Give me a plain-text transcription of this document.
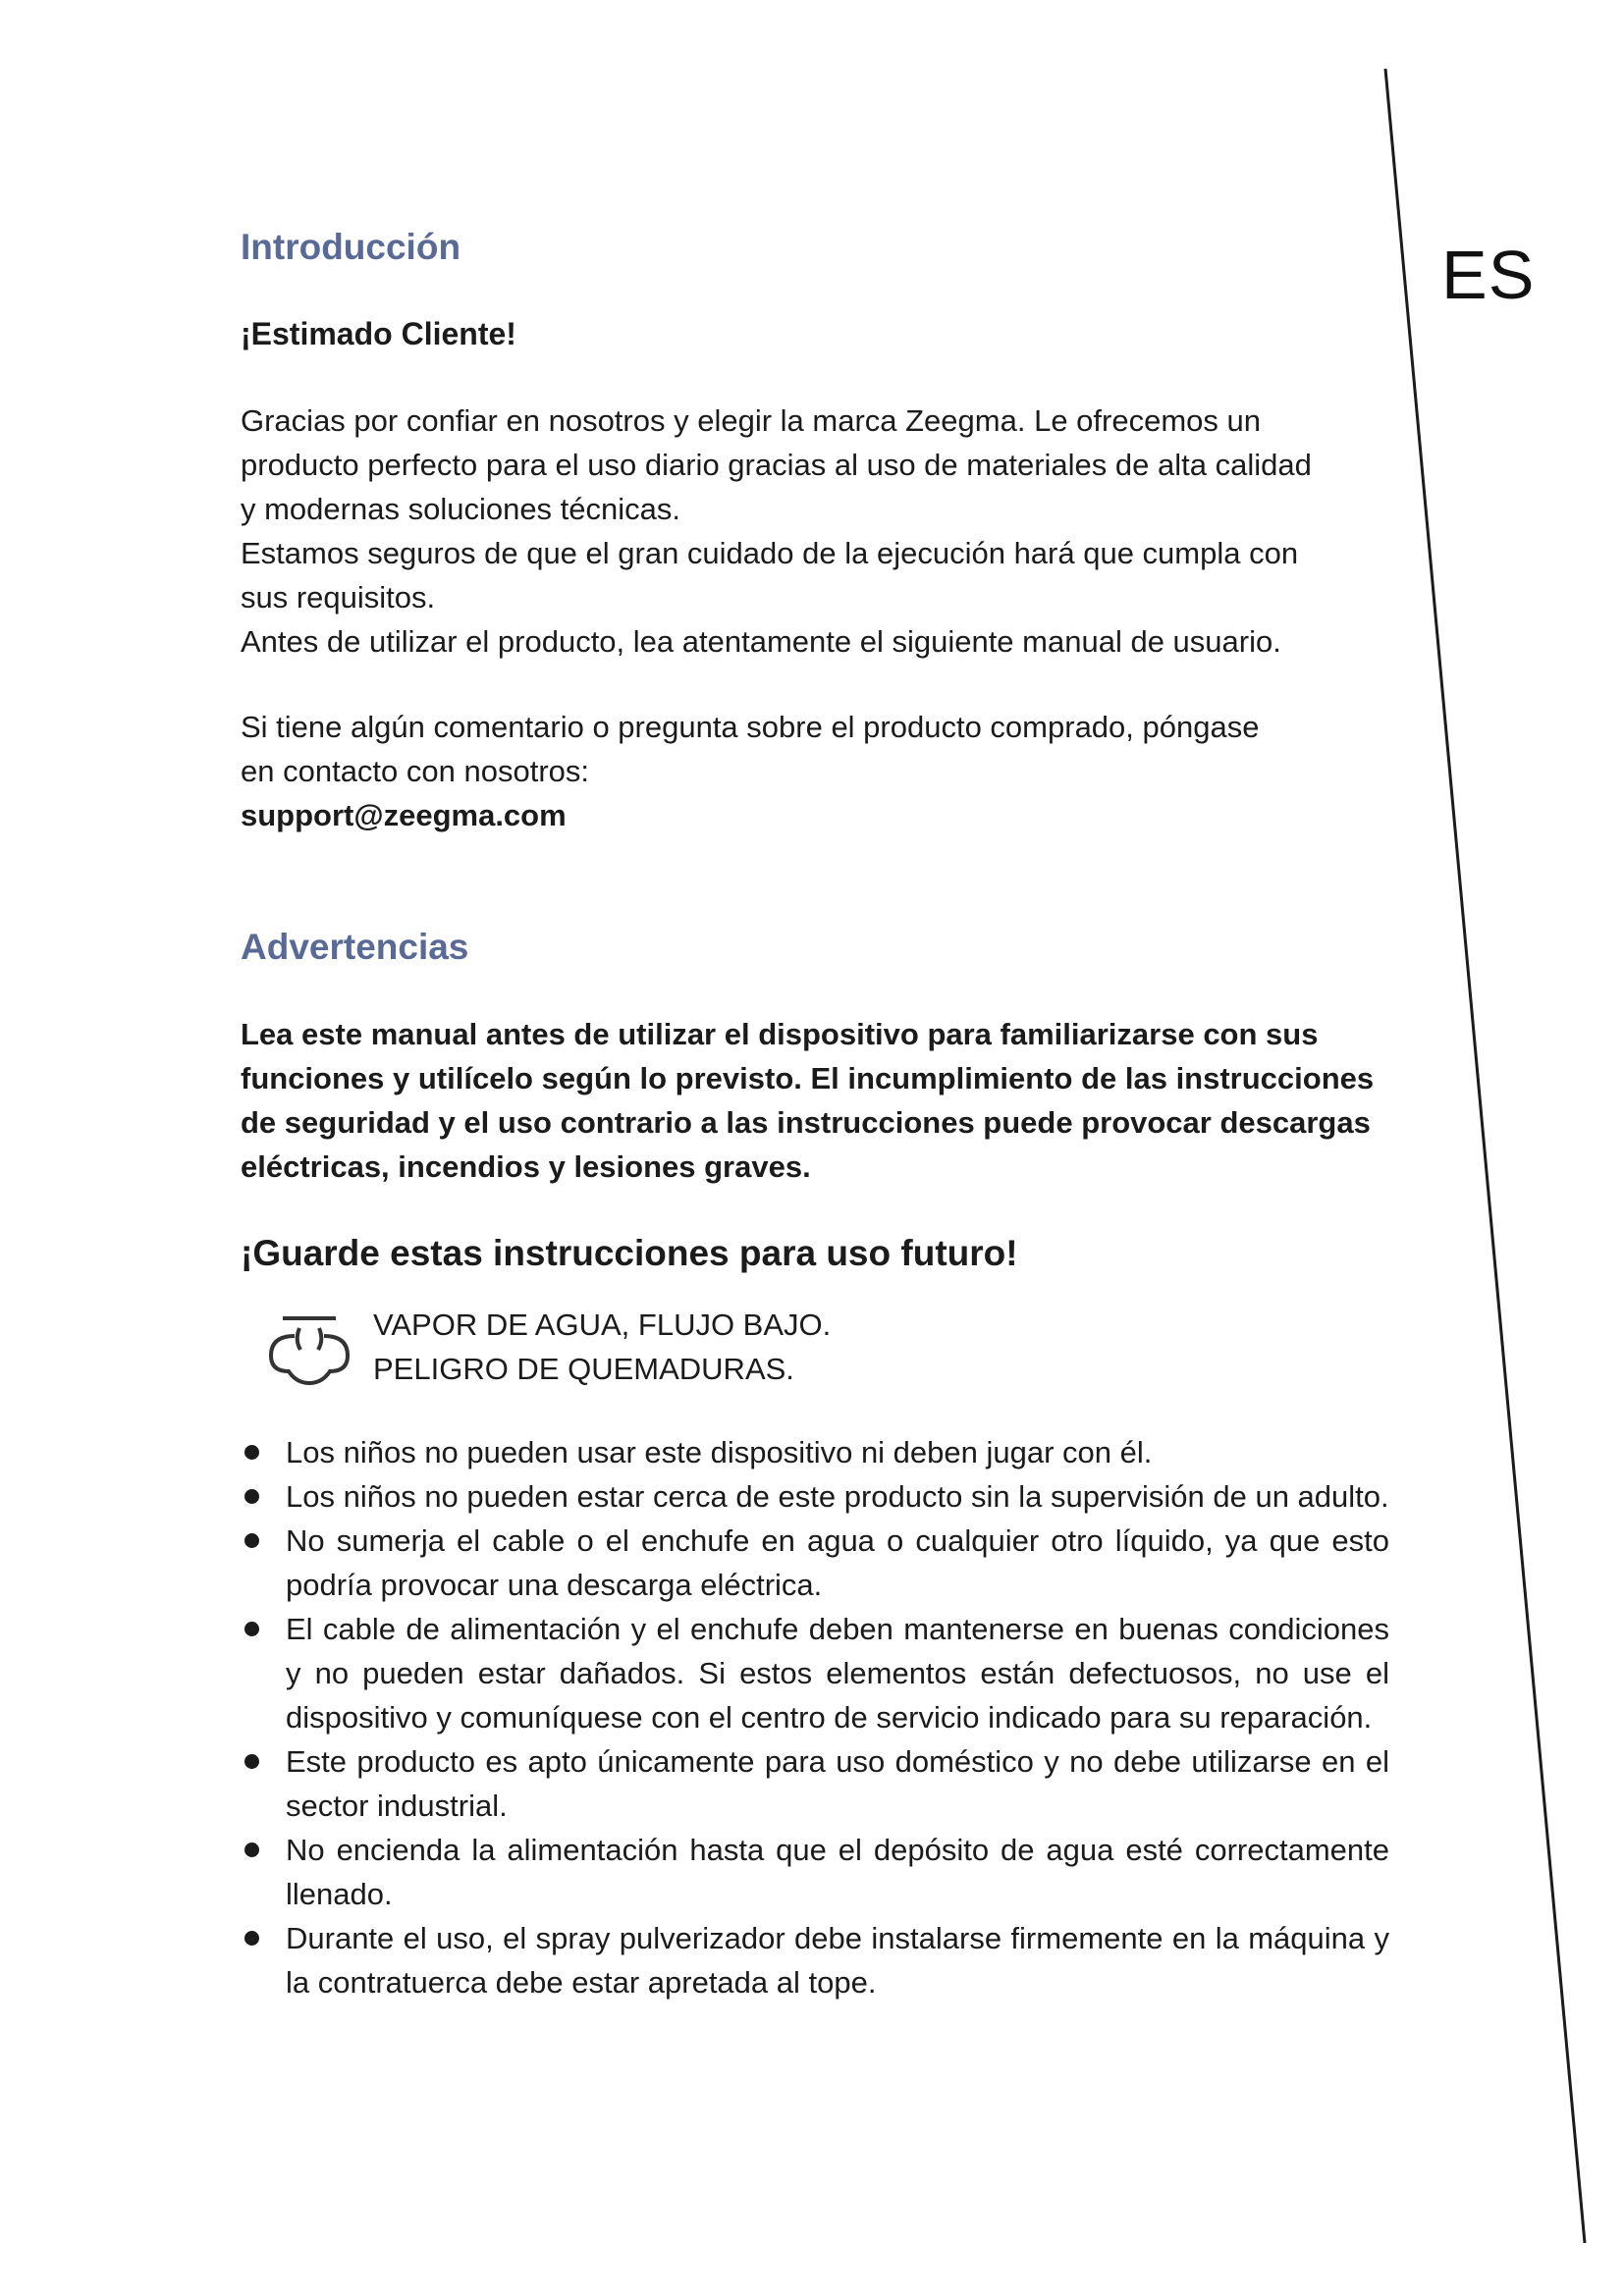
ES
Introducción

¡Estimado Cliente!

Gracias por confiar en nosotros y elegir la marca Zeegma. Le ofrecemos un

producto perfecto para el uso diario gracias al uso de materiales de alta calidad

y modernas soluciones técnicas.

Estamos seguros de que el gran cuidado de la ejecución hará que cumpla con

sus requisitos.

Antes de utilizar el producto, lea atentamente el siguiente manual de usuario.

Si tiene algún comentario o pregunta sobre el producto comprado, póngase

en contacto con nosotros:

support@zeegma.com

Advertencias

Lea este manual antes de utilizar el dispositivo para familiarizarse con sus

funciones y utilícelo según lo previsto. El incumplimiento de las instrucciones

de seguridad y el uso contrario a las instrucciones puede provocar descargas

eléctricas, incendios y lesiones graves.

¡Guarde estas instrucciones para uso futuro!

VAPOR DE AGUA, FLUJO BAJO.

PELIGRO DE QUEMADURAS.

Los niños no pueden usar este dispositivo ni deben jugar con él.
Los niños no pueden estar cerca de este producto sin la supervisión de un adulto.
No sumerja el cable o el enchufe en agua o cualquier otro líquido, ya que esto podría provocar una descarga eléctrica.
El cable de alimentación y el enchufe deben mantenerse en buenas condiciones y no pueden estar dañados. Si estos elementos están defectuosos, no use el dispositivo y comuníquese con el centro de servicio indicado para su reparación.
Este producto es apto únicamente para uso doméstico y no debe utilizarse en el sector industrial.
No encienda la alimentación hasta que el depósito de agua esté correctamente llenado.
Durante el uso, el spray pulverizador debe instalarse firmemente en la máquina y la contratuerca debe estar apretada al tope.
